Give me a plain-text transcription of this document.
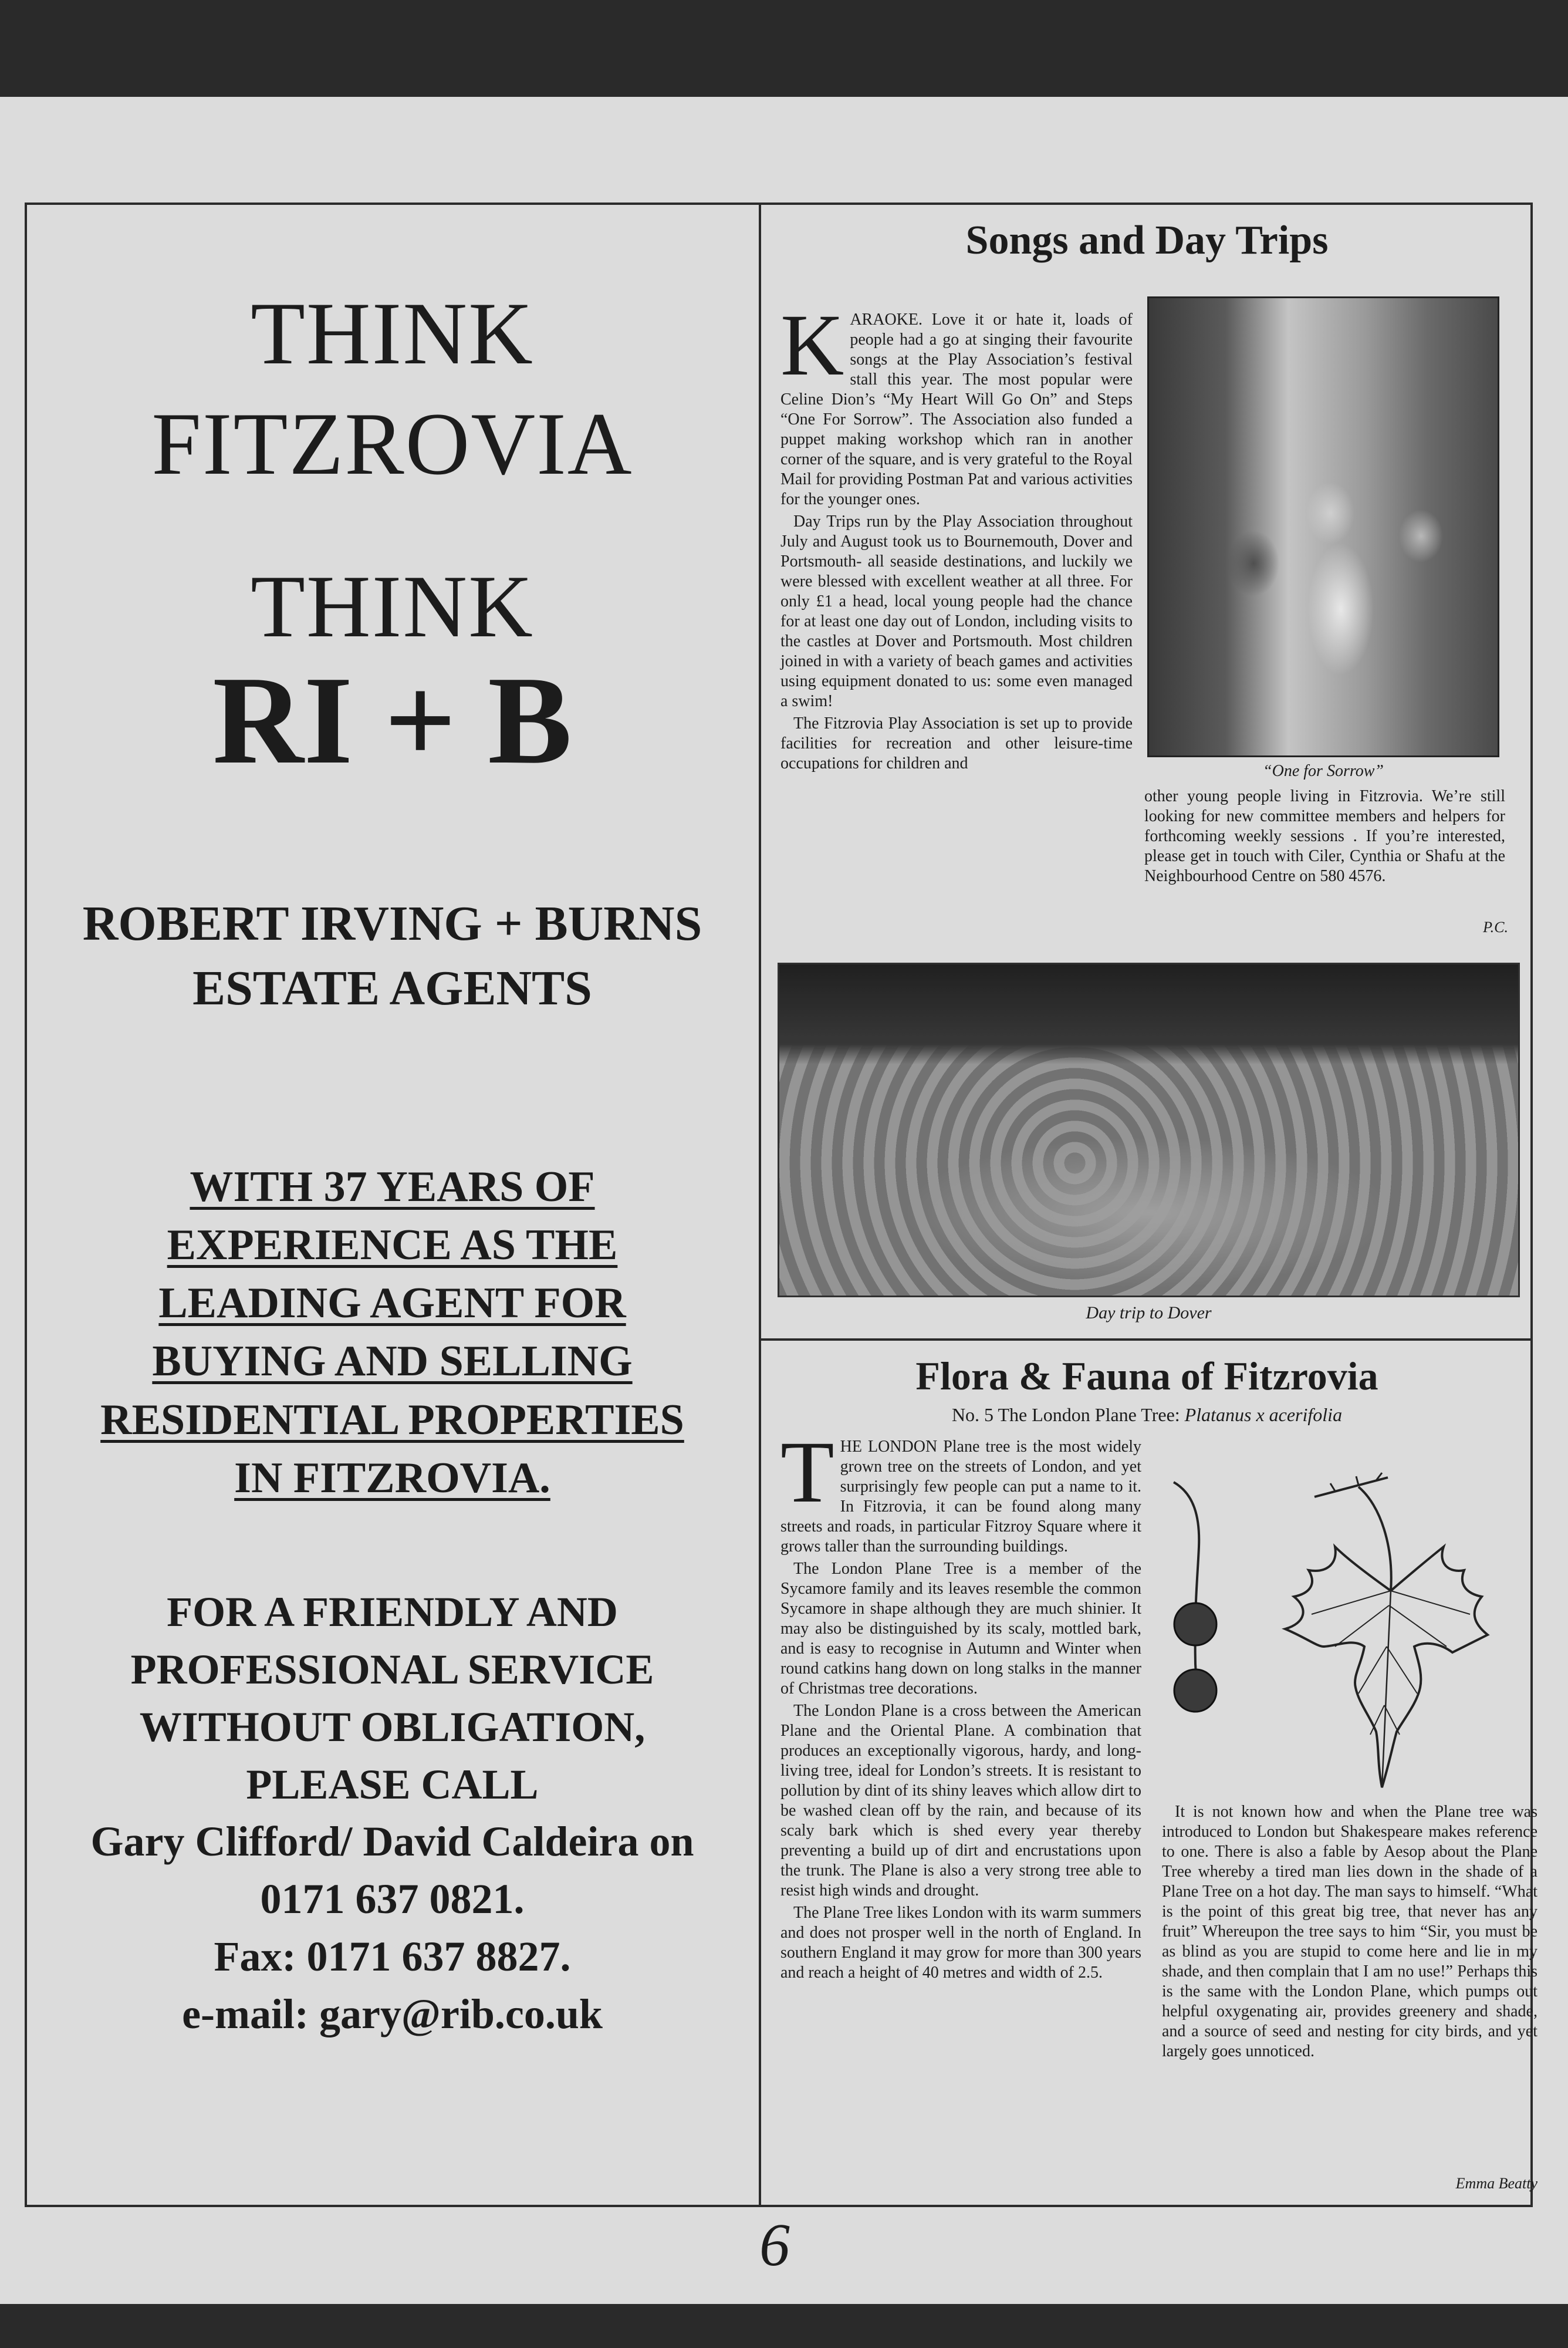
THINK
FITZROVIA
THINK
RI + B
ROBERT IRVING + BURNS
ESTATE AGENTS
WITH 37 YEARS OF
EXPERIENCE AS THE
LEADING AGENT FOR
BUYING AND SELLING
RESIDENTIAL PROPERTIES
IN FITZROVIA.
FOR A FRIENDLY AND
PROFESSIONAL SERVICE
WITHOUT OBLIGATION,
PLEASE CALL
Gary Clifford/ David Caldeira on
0171 637 0821.
Fax: 0171 637 8827.
e-mail: gary@rib.co.uk
Songs and Day Trips

KARAOKE. Love it or hate it, loads of people had a go at singing their favourite songs at the Play Association’s festival stall this year. The most popular were Celine Dion’s “My Heart Will Go On” and Steps “One For Sorrow”. The Association also funded a puppet making workshop which ran in another corner of the square, and is very grateful to the Royal Mail for providing Postman Pat and various activities for the younger ones.

Day Trips run by the Play Association throughout July and August took us to Bournemouth, Dover and Portsmouth- all seaside destinations, and luckily we were blessed with excellent weather at all three. For only £1 a head, local young people had the chance for at least one day out of London, including visits to the castles at Dover and Portsmouth. Most children joined in with a variety of beach games and activities using equipment donated to us: some even managed a swim!

The Fitzrovia Play Association is set up to provide facilities for recreation and other leisure-time occupations for children and	“One for Sorrow”

other young people living in Fitzrovia. We’re still looking for new committee members and helpers for forthcoming weekly sessions . If you’re interested, please get in touch with Ciler, Cynthia or Shafu at the Neighbourhood Centre on 580 4576.

P.C.
Day trip to Dover
Flora & Fauna of Fitzrovia
No. 5 The London Plane Tree: Platanus x acerifolia

THE LONDON Plane tree is the most widely grown tree on the streets of London, and yet surprisingly few people can put a name to it. In Fitzrovia, it can be found along many streets and roads, in particular Fitzroy Square where it grows taller than the surrounding buildings.

The London Plane Tree is a member of the Sycamore family and its leaves resemble the common Sycamore in shape although they are much shinier. It may also be distinguished by its scaly, mottled bark, and is easy to recognise in Autumn and Winter when round catkins hang down on long stalks in the manner of Christmas tree decorations.

The London Plane is a cross between the American Plane and the Oriental Plane. A combination that produces an exceptionally vigorous, hardy, and long-living tree, ideal for London’s streets. It is resistant to pollution by dint of its shiny leaves which allow dirt to be washed clean off by the rain, and because of its scaly bark which is shed every year thereby preventing a build up of dirt and encrustations upon the trunk. The Plane is also a very strong tree able to resist high winds and drought.

The Plane Tree likes London with its warm summers and does not prosper well in the north of England. In southern England it may grow for more than 300 years and reach a height of 40 metres and width of 2.5.

It is not known how and when the Plane tree was introduced to London but Shakespeare makes reference to one. There is also a fable by Aesop about the Plane Tree whereby a tired man lies down in the shade of a Plane Tree on a hot day. The man says to himself. “What is the point of this great big tree, that never has any fruit” Whereupon the tree says to him “Sir, you must be as blind as you are stupid to come here and lie in my shade, and then complain that I am no use!” Perhaps this is the same with the London Plane, which pumps out helpful oxygenating air, provides greenery and shade, and a source of seed and nesting for city birds, and yet largely goes unnoticed.

Emma Beatty
6
